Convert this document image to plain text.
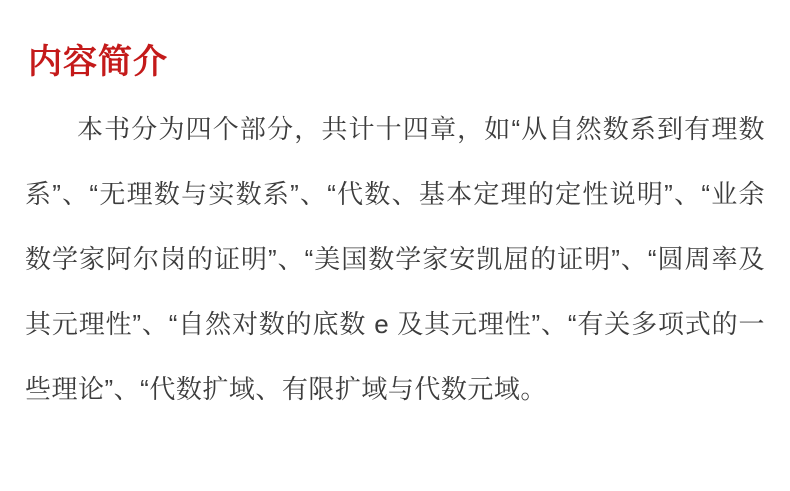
内容简介

本书分为四个部分，共计十四章，如“从自然数系到有理数系”、“无理数与实数系”、“代数、基本定理的定性说明”、“业余数学家阿尔岗的证明”、“美国数学家安凯屈的证明”、“圆周率及其元理性”、“自然对数的底数 e 及其元理性”、“有关多项式的一些理论”、“代数扩域、有限扩域与代数元域。
